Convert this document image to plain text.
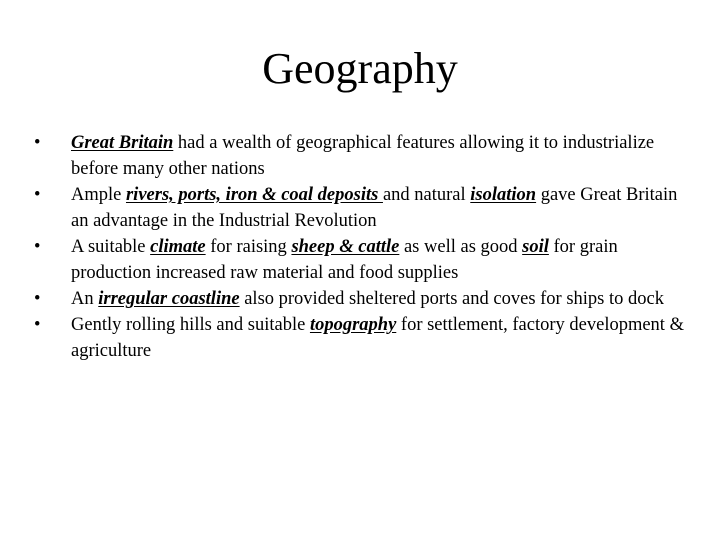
Geography
•	Great Britain had a wealth of geographical features allowing it to industrialize before many other nations
•	Ample rivers, ports, iron & coal deposits and natural isolation gave Great Britain an advantage in the Industrial Revolution
•	A suitable climate for raising sheep & cattle as well as good soil for grain production increased raw material and food supplies
•	An irregular coastline also provided sheltered ports and coves for ships to dock
•	Gently rolling hills and suitable topography for settlement, factory development & agriculture
